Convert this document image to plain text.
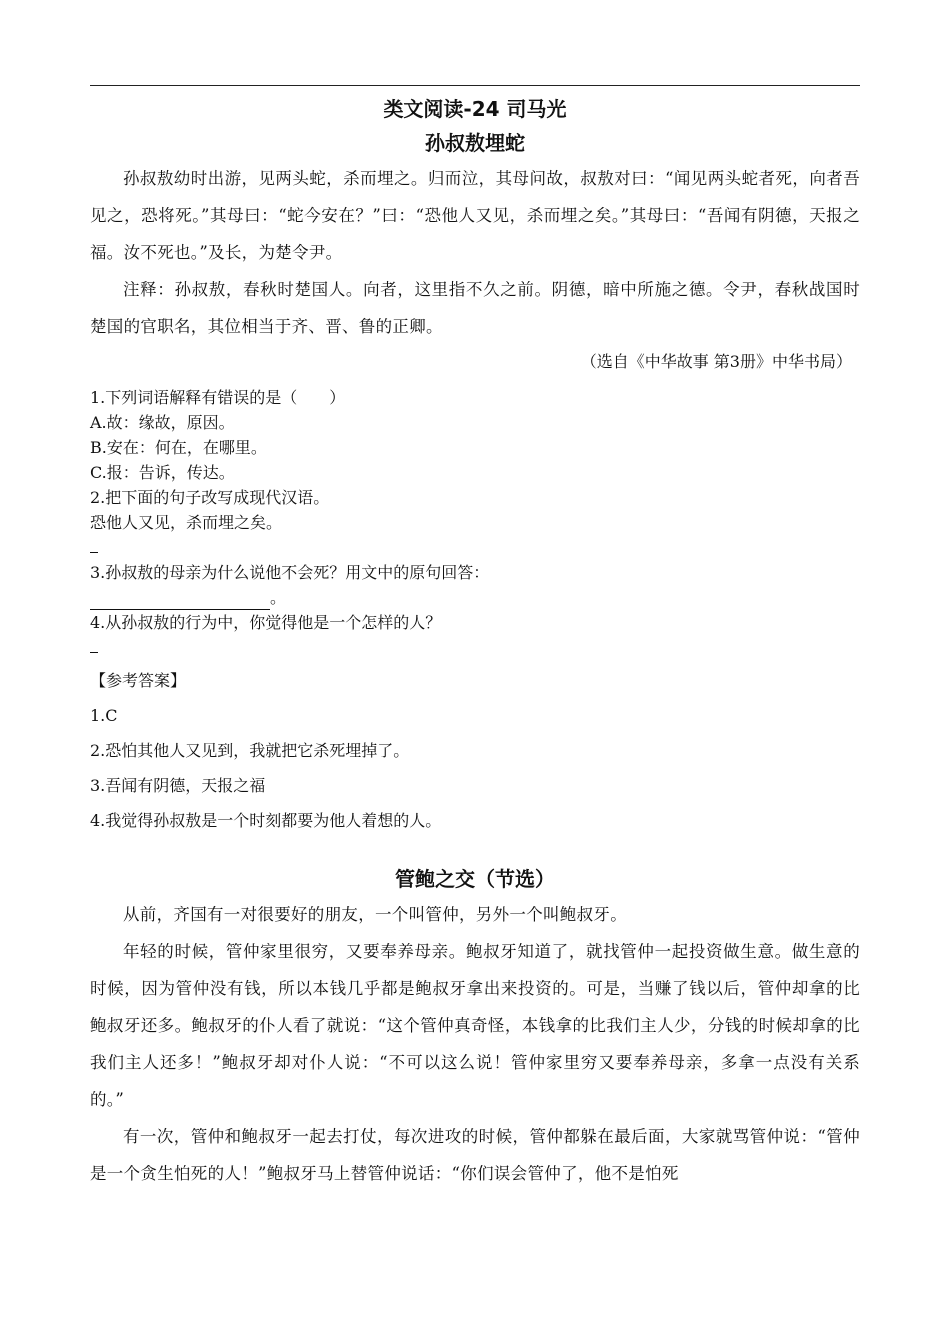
类文阅读-24 司马光
孙叔敖埋蛇

孙叔敖幼时出游，见两头蛇，杀而埋之。归而泣，其母问故，叔敖对曰：“闻见两头蛇者死，向者吾见之，恐将死。”其母曰：“蛇今安在？”曰：“恐他人又见，杀而埋之矣。”其母曰：“吾闻有阴德，天报之福。汝不死也。”及长，为楚令尹。

注释：孙叔敖，春秋时楚国人。向者，这里指不久之前。阴德，暗中所施之德。令尹，春秋战国时楚国的官职名，其位相当于齐、晋、鲁的正卿。

（选自《中华故事 第3册》中华书局）

1.下列词语解释有错误的是（　　）

A.故：缘故，原因。

B.安在：何在，在哪里。

C.报：告诉，传达。

2.把下面的句子改写成现代汉语。

恐他人又见，杀而埋之矣。

3.孙叔敖的母亲为什么说他不会死？用文中的原句回答：

。

4.从孙叔敖的行为中，你觉得他是一个怎样的人？

【参考答案】

1.C

2.恐怕其他人又见到，我就把它杀死埋掉了。

3.吾闻有阴德，天报之福

4.我觉得孙叔敖是一个时刻都要为他人着想的人。

管鲍之交（节选）

从前，齐国有一对很要好的朋友，一个叫管仲，另外一个叫鲍叔牙。

年轻的时候，管仲家里很穷，又要奉养母亲。鲍叔牙知道了，就找管仲一起投资做生意。做生意的时候，因为管仲没有钱，所以本钱几乎都是鲍叔牙拿出来投资的。可是，当赚了钱以后，管仲却拿的比鲍叔牙还多。鲍叔牙的仆人看了就说：“这个管仲真奇怪，本钱拿的比我们主人少，分钱的时候却拿的比我们主人还多！”鲍叔牙却对仆人说：“不可以这么说！管仲家里穷又要奉养母亲，多拿一点没有关系的。”

有一次，管仲和鲍叔牙一起去打仗，每次进攻的时候，管仲都躲在最后面，大家就骂管仲说：“管仲是一个贪生怕死的人！”鲍叔牙马上替管仲说话：“你们误会管仲了，他不是怕死
